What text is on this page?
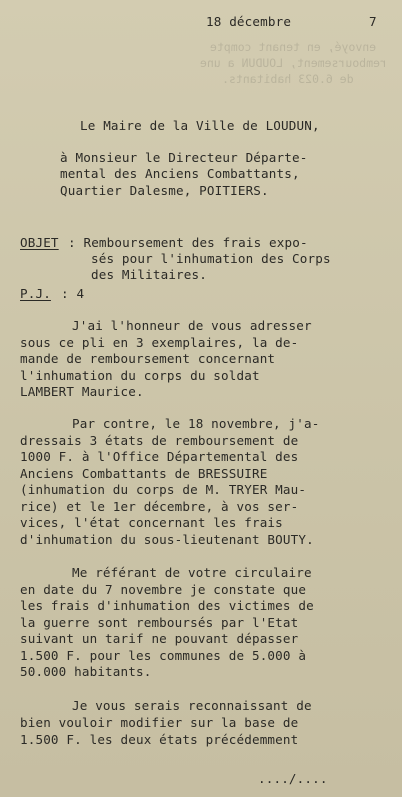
18 décembre	7
envoyé, en tenant compte
remboursement, LOUDUN a une
de 6.023 habitants.
Le Maire de la Ville de LOUDUN,
à Monsieur le Directeur Départe-
mental des Anciens Combattants,
Quartier Dalesme, POITIERS.
OBJET : Remboursement des frais expo-
sés pour l'inhumation des Corps
des Militaires.
P.J. : 4
J'ai l'honneur de vous adresser
sous ce pli en 3 exemplaires, la de-
mande de remboursement concernant
l'inhumation du corps du soldat
LAMBERT Maurice.
Par contre, le 18 novembre, j'a-
dressais 3 états de remboursement de
1000 F. à l'Office Départemental des
Anciens Combattants de BRESSUIRE
(inhumation du corps de M. TRYER Mau-
rice) et le 1er décembre, à vos ser-
vices, l'état concernant les frais
d'inhumation du sous-lieutenant BOUTY.
Me référant de votre circulaire
en date du 7 novembre je constate que
les frais d'inhumation des victimes de
la guerre sont remboursés par l'Etat
suivant un tarif ne pouvant dépasser
1.500 F. pour les communes de 5.000 à
50.000 habitants.
Je vous serais reconnaissant de
bien vouloir modifier sur la base de
1.500 F. les deux états précédemment
..../....
